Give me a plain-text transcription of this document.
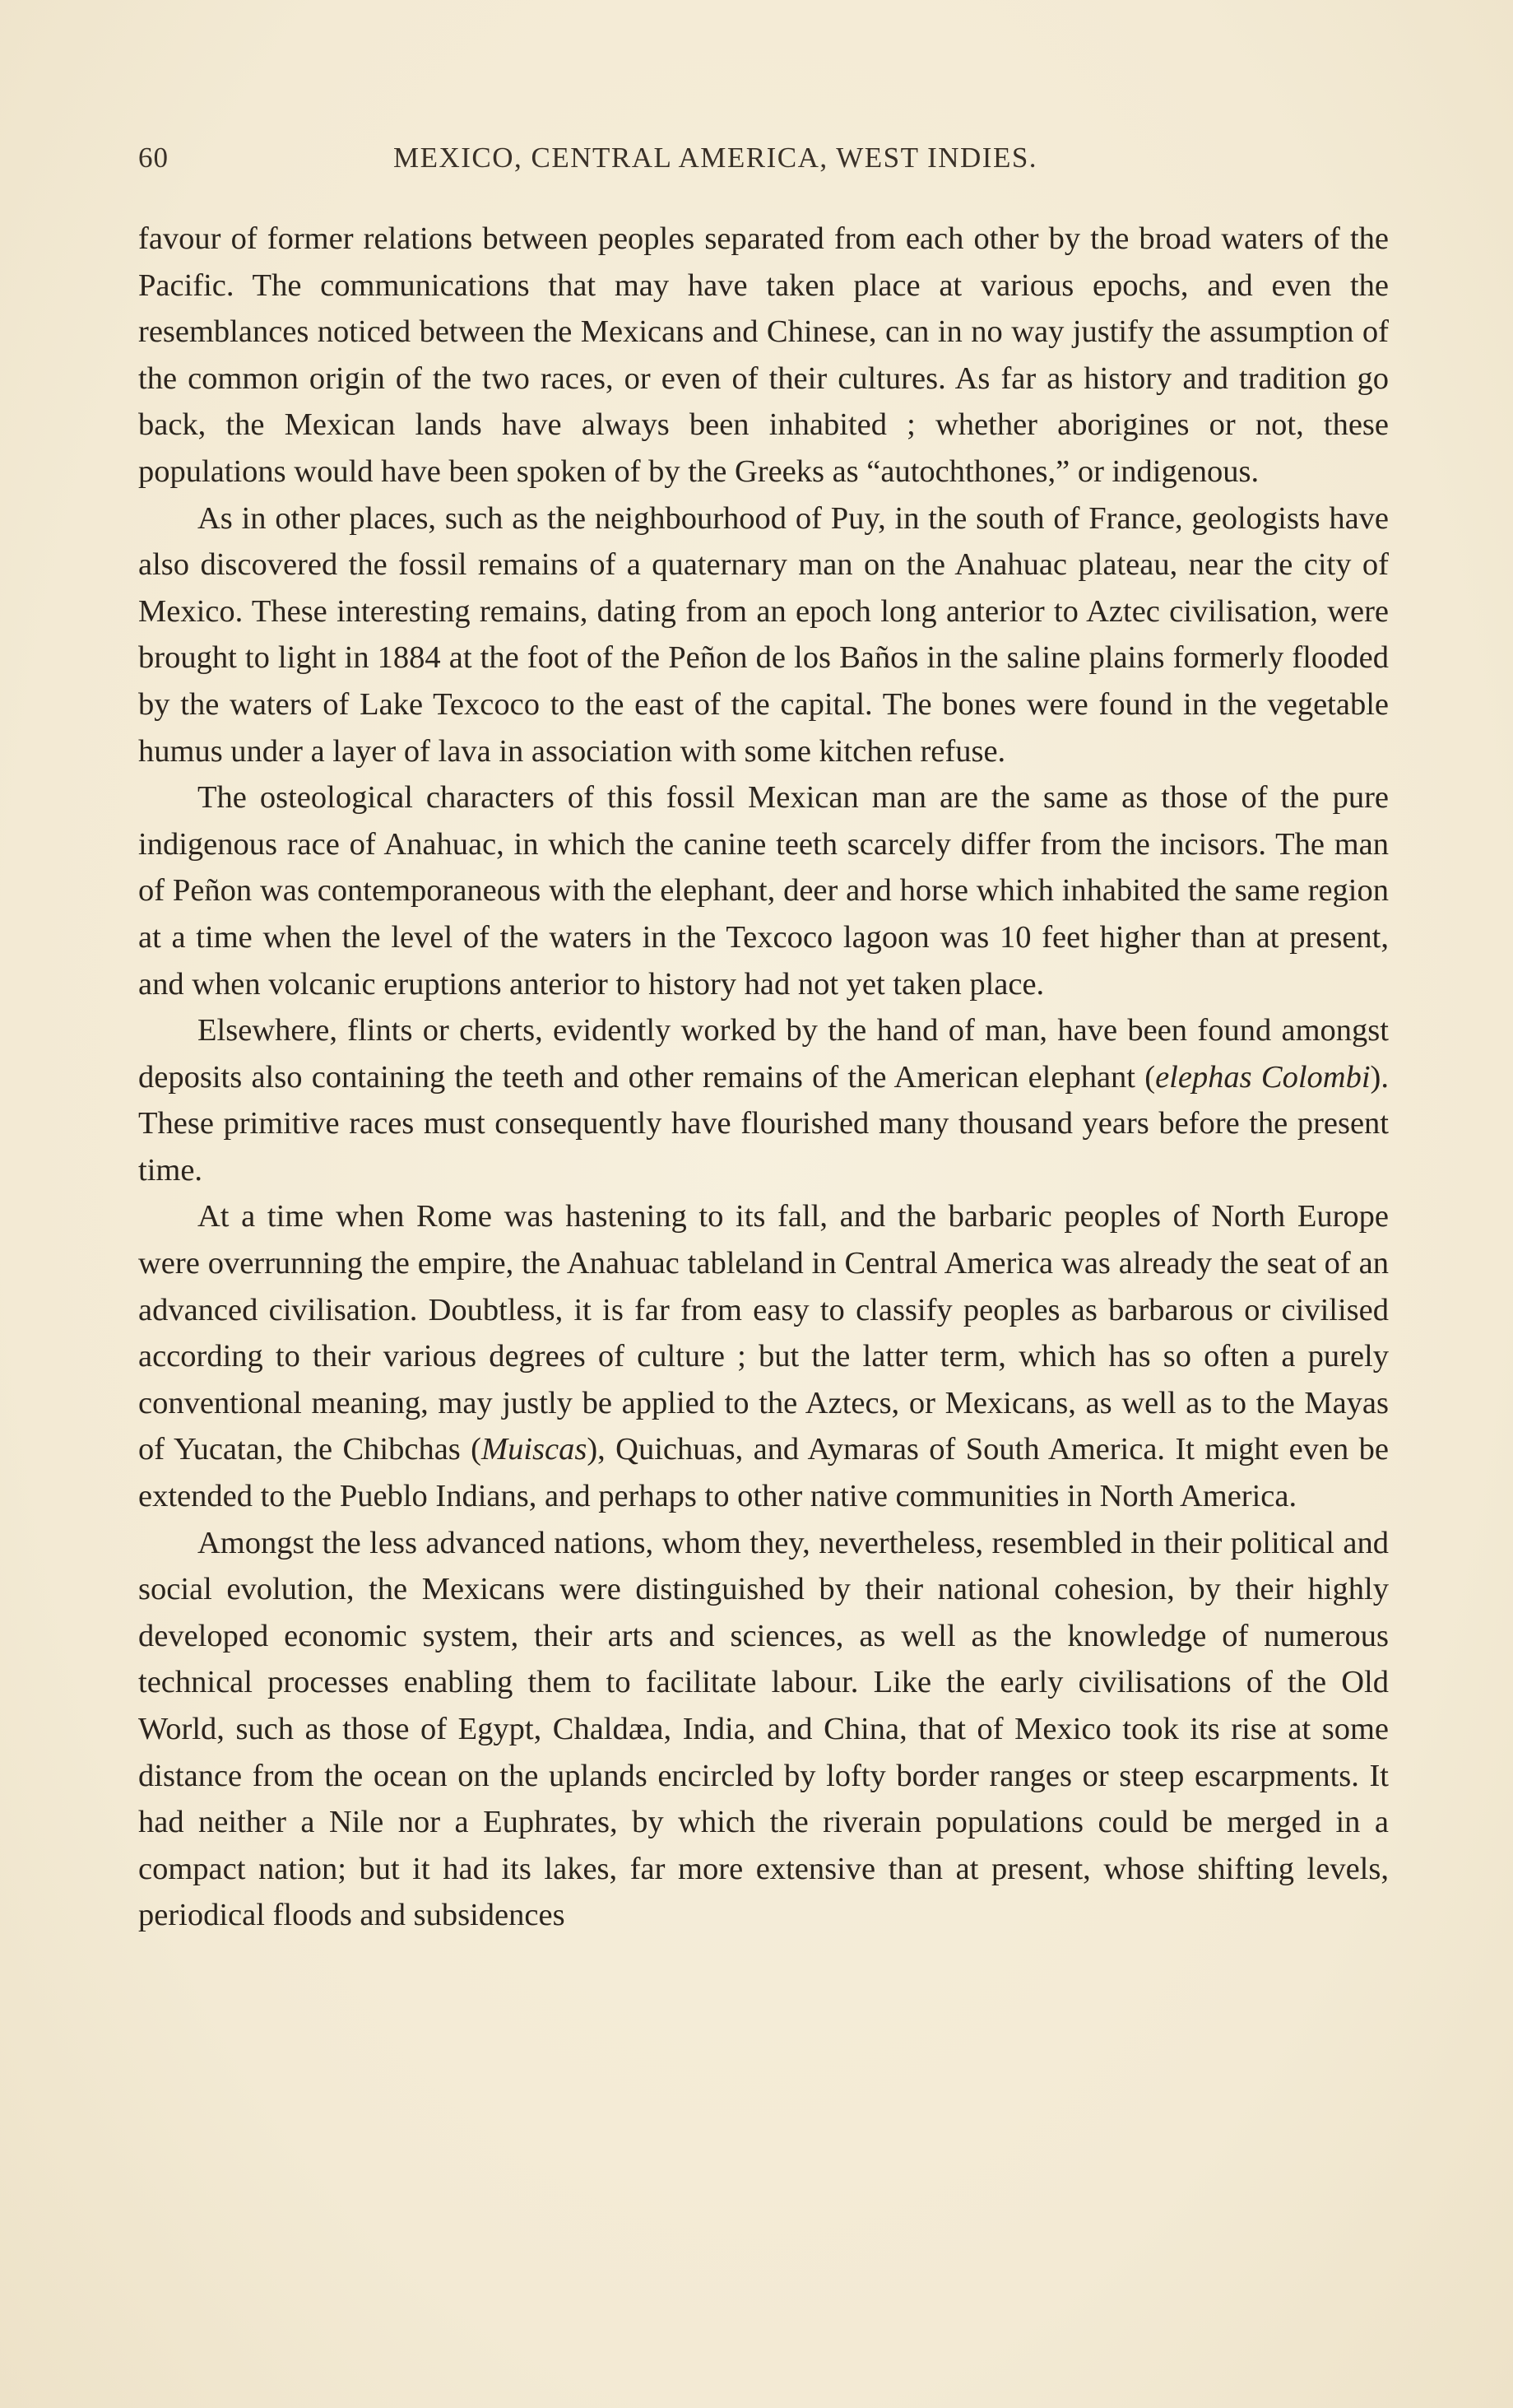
60	MEXICO, CENTRAL AMERICA, WEST INDIES.

favour of former relations between peoples separated from each other by the broad waters of the Pacific. The communications that may have taken place at various epochs, and even the resemblances noticed between the Mexicans and Chinese, can in no way justify the assumption of the common origin of the two races, or even of their cultures. As far as history and tradition go back, the Mexican lands have always been inhabited ; whether aborigines or not, these populations would have been spoken of by the Greeks as “autochthones,” or indigenous.

As in other places, such as the neighbourhood of Puy, in the south of France, geologists have also discovered the fossil remains of a quaternary man on the Anahuac plateau, near the city of Mexico. These interesting remains, dating from an epoch long anterior to Aztec civilisation, were brought to light in 1884 at the foot of the Peñon de los Baños in the saline plains formerly flooded by the waters of Lake Texcoco to the east of the capital. The bones were found in the vegetable humus under a layer of lava in association with some kitchen refuse.

The osteological characters of this fossil Mexican man are the same as those of the pure indigenous race of Anahuac, in which the canine teeth scarcely differ from the incisors. The man of Peñon was contemporaneous with the elephant, deer and horse which inhabited the same region at a time when the level of the waters in the Texcoco lagoon was 10 feet higher than at present, and when volcanic eruptions anterior to history had not yet taken place.

Elsewhere, flints or cherts, evidently worked by the hand of man, have been found amongst deposits also containing the teeth and other remains of the American elephant (elephas Colombi). These primitive races must consequently have flourished many thousand years before the present time.

At a time when Rome was hastening to its fall, and the barbaric peoples of North Europe were overrunning the empire, the Anahuac tableland in Central America was already the seat of an advanced civilisation. Doubtless, it is far from easy to classify peoples as barbarous or civilised according to their various degrees of culture ; but the latter term, which has so often a purely conventional meaning, may justly be applied to the Aztecs, or Mexicans, as well as to the Mayas of Yucatan, the Chibchas (Muiscas), Quichuas, and Aymaras of South America. It might even be extended to the Pueblo Indians, and perhaps to other native communities in North America.

Amongst the less advanced nations, whom they, nevertheless, resembled in their political and social evolution, the Mexicans were distinguished by their national cohesion, by their highly developed economic system, their arts and sciences, as well as the knowledge of numerous technical processes enabling them to facilitate labour. Like the early civilisations of the Old World, such as those of Egypt, Chaldæa, India, and China, that of Mexico took its rise at some distance from the ocean on the uplands encircled by lofty border ranges or steep escarpments. It had neither a Nile nor a Euphrates, by which the riverain populations could be merged in a compact nation; but it had its lakes, far more extensive than at present, whose shifting levels, periodical floods and subsidences
